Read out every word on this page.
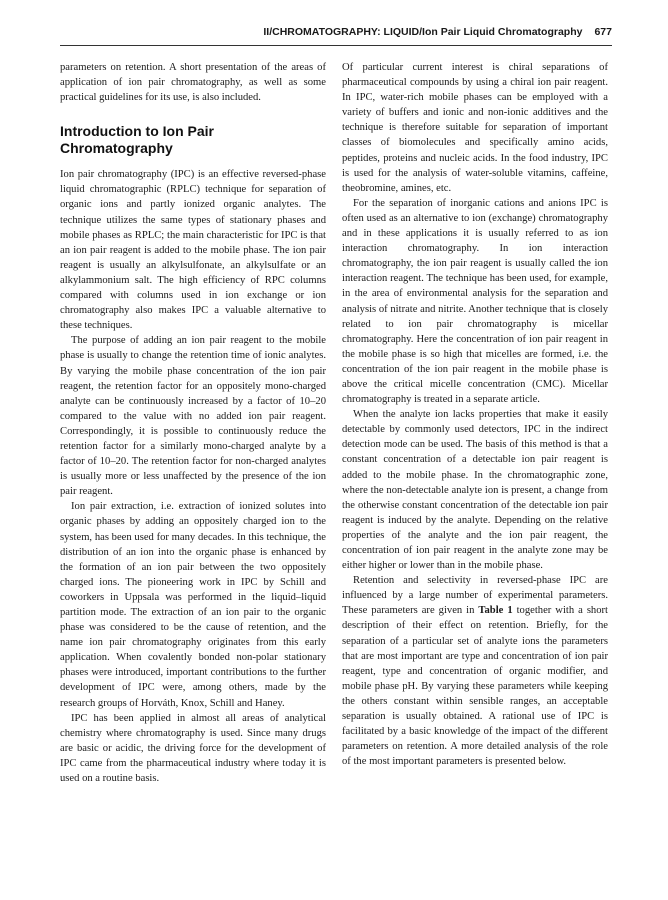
II/CHROMATOGRAPHY: LIQUID/Ion Pair Liquid Chromatography 677

parameters on retention. A short presentation of the areas of application of ion pair chromatography, as well as some practical guidelines for its use, is also included.

Introduction to Ion Pair Chromatography

Ion pair chromatography (IPC) is an effective reversed-phase liquid chromatographic (RPLC) technique for separation of organic ions and partly ionized organic analytes. The technique utilizes the same types of stationary phases and mobile phases as RPLC; the main characteristic for IPC is that an ion pair reagent is added to the mobile phase. The ion pair reagent is usually an alkylsulfonate, an alkylsulfate or an alkylammonium salt. The high efficiency of RPC columns compared with columns used in ion exchange or ion chromatography also makes IPC a valuable alternative to these techniques.

The purpose of adding an ion pair reagent to the mobile phase is usually to change the retention time of ionic analytes. By varying the mobile phase concentration of the ion pair reagent, the retention factor for an oppositely mono-charged analyte can be continuously increased by a factor of 10–20 compared to the value with no added ion pair reagent. Correspondingly, it is possible to continuously reduce the retention factor for a similarly mono-charged analyte by a factor of 10–20. The retention factor for non-charged analytes is usually more or less unaffected by the presence of the ion pair reagent.

Ion pair extraction, i.e. extraction of ionized solutes into organic phases by adding an oppositely charged ion to the system, has been used for many decades. In this technique, the distribution of an ion into the organic phase is enhanced by the formation of an ion pair between the two oppositely charged ions. The pioneering work in IPC by Schill and coworkers in Uppsala was performed in the liquid–liquid partition mode. The extraction of an ion pair to the organic phase was considered to be the cause of retention, and the name ion pair chromatography originates from this early application. When covalently bonded non-polar stationary phases were introduced, important contributions to the further development of IPC were, among others, made by the research groups of Horváth, Knox, Schill and Haney.

IPC has been applied in almost all areas of analytical chemistry where chromatography is used. Since many drugs are basic or acidic, the driving force for the development of IPC came from the pharmaceutical industry where today it is used on a routine basis.

Of particular current interest is chiral separations of pharmaceutical compounds by using a chiral ion pair reagent. In IPC, water-rich mobile phases can be employed with a variety of buffers and ionic and non-ionic additives and the technique is therefore suitable for separation of important classes of biomolecules and specifically amino acids, peptides, proteins and nucleic acids. In the food industry, IPC is used for the analysis of water-soluble vitamins, caffeine, theobromine, amines, etc.

For the separation of inorganic cations and anions IPC is often used as an alternative to ion (exchange) chromatography and in these applications it is usually referred to as ion interaction chromatography. In ion interaction chromatography, the ion pair reagent is usually called the ion interaction reagent. The technique has been used, for example, in the area of environmental analysis for the separation and analysis of nitrate and nitrite. Another technique that is closely related to ion pair chromatography is micellar chromatography. Here the concentration of ion pair reagent in the mobile phase is so high that micelles are formed, i.e. the concentration of the ion pair reagent in the mobile phase is above the critical micelle concentration (CMC). Micellar chromatography is treated in a separate article.

When the analyte ion lacks properties that make it easily detectable by commonly used detectors, IPC in the indirect detection mode can be used. The basis of this method is that a constant concentration of a detectable ion pair reagent is added to the mobile phase. In the chromatographic zone, where the non-detectable analyte ion is present, a change from the otherwise constant concentration of the detectable ion pair reagent is induced by the analyte. Depending on the relative properties of the analyte and the ion pair reagent, the concentration of ion pair reagent in the analyte zone may be either higher or lower than in the mobile phase.

Retention and selectivity in reversed-phase IPC are influenced by a large number of experimental parameters. These parameters are given in Table 1 together with a short description of their effect on retention. Briefly, for the separation of a particular set of analyte ions the parameters that are most important are type and concentration of ion pair reagent, type and concentration of organic modifier, and mobile phase pH. By varying these parameters while keeping the others constant within sensible ranges, an acceptable separation is usually obtained. A rational use of IPC is facilitated by a basic knowledge of the impact of the different parameters on retention. A more detailed analysis of the role of the most important parameters is presented below.
